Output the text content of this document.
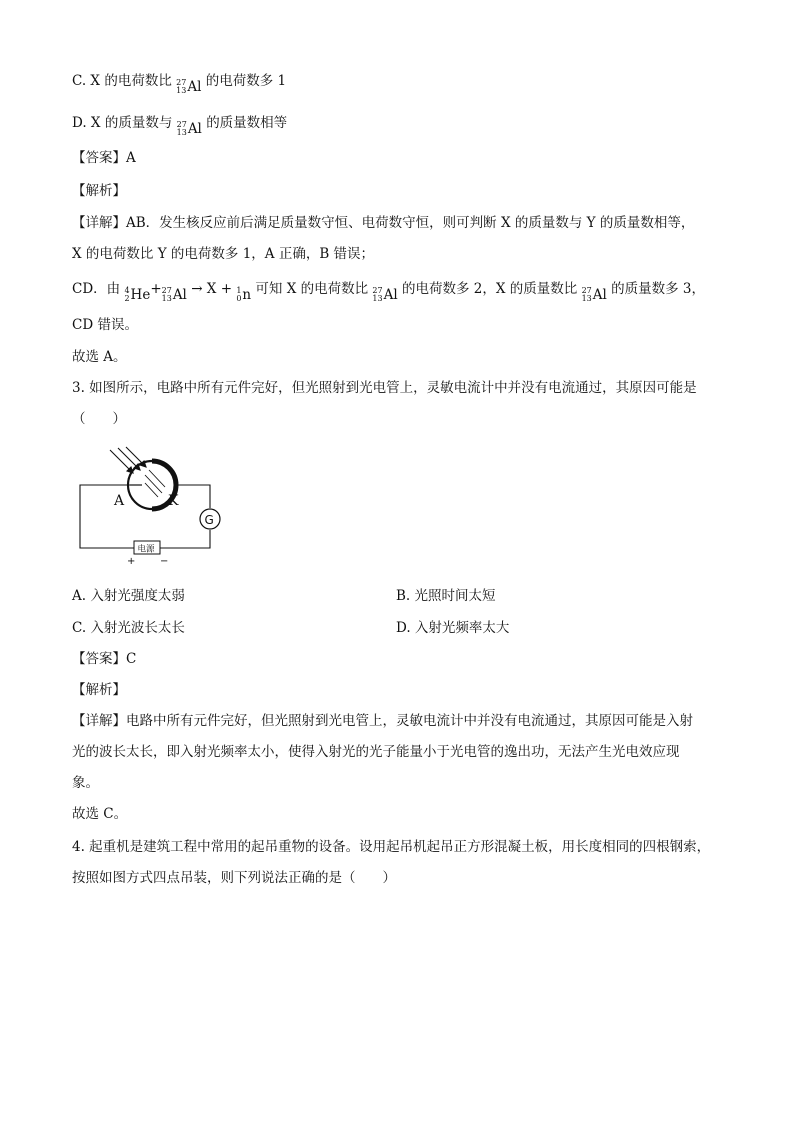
C. X 的电荷数比 27
13 Al 的电荷数多 1
D. X 的质量数与 27
13 Al 的质量数相等
【答案】A
【解析】
【详解】AB．发生核反应前后满足质量数守恒、电荷数守恒，则可判断 X 的质量数与 Y 的质量数相等，
X 的电荷数比 Y 的电荷数多 1，A 正确，B 错误；
CD．由 4
2 He + 27
13 Al → X + 1
0 n 可知 X 的电荷数比 27
13 Al 的电荷数多 2，X 的质量数比 27
13 Al 的质量数多 3，
CD 错误。
故选 A。
3. 如图所示，电路中所有元件完好，但光照射到光电管上，灵敏电流计中并没有电流通过，其原因可能是
（　　）
A	K
G
电源
+ −
A. 入射光强度太弱	B. 光照时间太短
C. 入射光波长太长	D. 入射光频率太大
【答案】C
【解析】
【详解】电路中所有元件完好，但光照射到光电管上，灵敏电流计中并没有电流通过，其原因可能是入射
光的波长太长，即入射光频率太小，使得入射光的光子能量小于光电管的逸出功，无法产生光电效应现
象。
故选 C。
4. 起重机是建筑工程中常用的起吊重物的设备。设用起吊机起吊正方形混凝土板，用长度相同的四根钢索，
按照如图方式四点吊装，则下列说法正确的是（　　）
